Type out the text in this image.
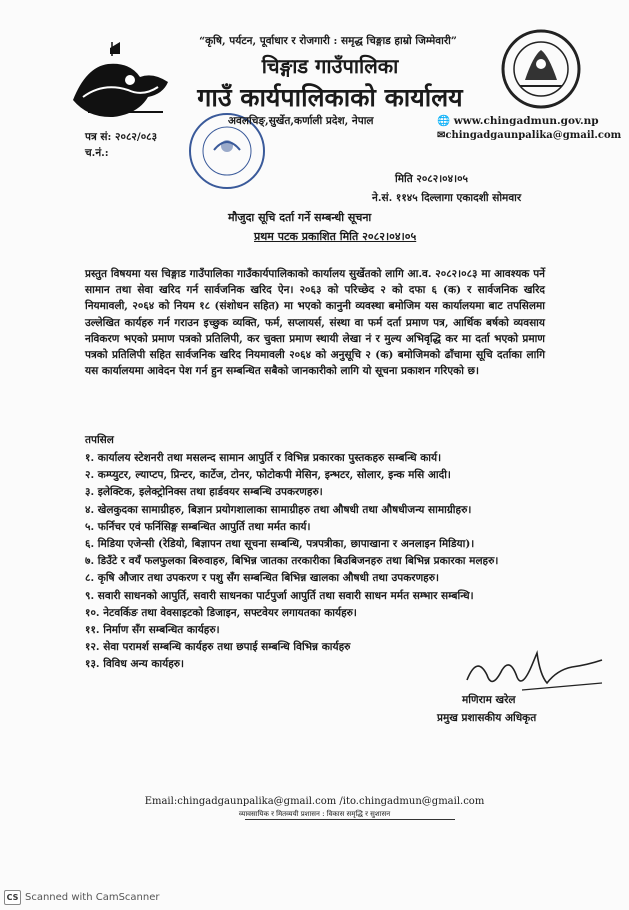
“कृषि, पर्यटन, पूर्वाधार र रोजगारी : समृद्ध चिङ्गाड हाम्रो जिम्मेवारी”
चिङ्गाड गाउँपालिका
गाउँ कार्यपालिकाको कार्यालय
अवलचिङ्,सुर्खेत,कर्णाली प्रदेश, नेपाल	🌐 www.chingadmun.gov.np
✉chingadgaunpalika@gmail.com
पत्र सं: २०८२/०८३
च.नं.:
मिति २०८२।०४।०५
ने.सं. ११४५ दिल्लागा एकादशी सोमवार
मौजुदा सूचि दर्ता गर्ने सम्बन्धी सूचना
प्रथम पटक प्रकाशित मिति २०८२।०४।०५

प्रस्तुत विषयमा यस चिङ्गाड गाउँपालिका गाउँकार्यपालिकाको कार्यालय सुर्खेतको लागि आ.व. २०८२।०८३ मा आवश्यक पर्ने सामान तथा सेवा खरिद गर्न सार्वजनिक खरिद ऐन। २०६३ को परिच्छेद २ को दफा ६ (क) र सार्वजनिक खरिद नियमावली, २०६४ को नियम १८ (संशोधन सहित) मा भएको कानुनी व्यवस्था बमोजिम यस कार्यालयमा बाट तपसिलमा उल्लेखित कार्यहरु गर्न गराउन इच्छुक व्यक्ति, फर्म, सप्लायर्स, संस्था वा फर्म दर्ता प्रमाण पत्र, आर्थिक बर्षको व्यवसाय नविकरण भएको प्रमाण पत्रको प्रतिलिपी, कर चुक्ता प्रमाण स्थायी लेखा नं र मुल्य अभिवृद्धि कर मा दर्ता भएको प्रमाण पत्रको प्रतिलिपी सहित सार्वजनिक खरिद नियमावली २०६४ को अनुसूचि २ (क) बमोजिमको ढाँचामा सूचि दर्ताका लागि यस कार्यालयमा आवेदन पेश गर्न हुन सम्बन्धित सबैको जानकारीको लागि यो सूचना प्रकाशन गरिएको छ।

तपसिल
१. कार्यालय स्टेशनरी तथा मसलन्द सामान आपुर्ति र विभिन्न प्रकारका पुस्तकहरु सम्बन्धि कार्य।
२. कम्प्युटर, ल्याप्टप, प्रिन्टर, कार्टेज, टोनर, फोटोकपी मेसिन, इन्भटर, सोलार, इन्क मसि आदी।
३. इलेक्टिक, इलेक्ट्रोनिक्स तथा हार्डवयर सम्बन्धि उपकरणहरु।
४. खेलकुदका सामाग्रीहरु, बिज्ञान प्रयोगशालाका सामाग्रीहरु तथा औषधी तथा औषधीजन्य सामाग्रीहरु।
५. फर्निचर एवं फर्निसिङ्ग सम्बन्धित आपुर्ति तथा मर्मत कार्य।
६. मिडिया एजेन्सी (रेडियो, बिज्ञापन तथा सूचना सम्बन्धि, पत्रपत्रीका, छापाखाना र अनलाइन मिडिया)।
७. डिउँटे र वयँ फलफुलका बिरुवाहरु, बिभिन्न जातका तरकारीका बिउबिजनहरु तथा बिभिन्न प्रकारका मलहरु।
८. कृषि औजार तथा उपकरण र पशु सँग सम्बन्धित बिभिन्न खालका औषधी तथा उपकरणहरु।
९. सवारी साधनको आपुर्ति, सवारी साधनका पार्टपुर्जा आपुर्ति तथा सवारी साधन मर्मत सम्भार सम्बन्धि।
१०. नेटवर्किङ तथा वेवसाइटको डिजाइन, सफ्टवेयर लगायतका कार्यहरु।
११. निर्माण सँग सम्बन्धित कार्यहरु।
१२. सेवा परामर्श सम्बन्धि कार्यहरु तथा छपाई सम्बन्धि विभिन्न कार्यहरु
१३. विविध अन्य कार्यहरु।
मणिराम खरेल
प्रमुख प्रशासकीय अधिकृत
Email:chingadgaunpalika@gmail.com /ito.chingadmun@gmail.com
व्यावसायिक र मितव्ययी प्रशासन : विकास समृद्धि र सुशासन
CS Scanned with CamScanner
